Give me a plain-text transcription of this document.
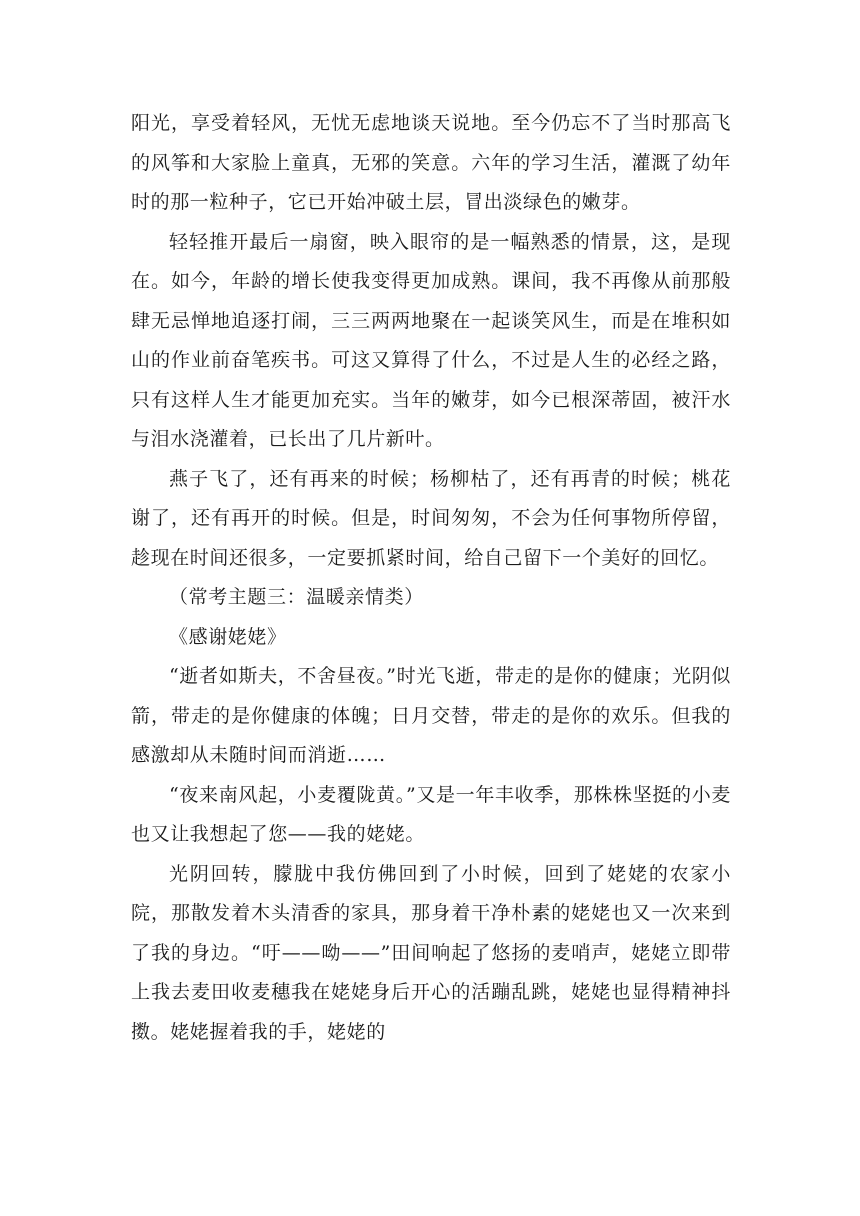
阳光，享受着轻风，无忧无虑地谈天说地。至今仍忘不了当时那高飞的风筝和大家脸上童真，无邪的笑意。六年的学习生活，灌溉了幼年时的那一粒种子，它已开始冲破土层，冒出淡绿色的嫩芽。

轻轻推开最后一扇窗，映入眼帘的是一幅熟悉的情景，这，是现在。如今，年龄的增长使我变得更加成熟。课间，我不再像从前那般肆无忌惮地追逐打闹，三三两两地聚在一起谈笑风生，而是在堆积如山的作业前奋笔疾书。可这又算得了什么，不过是人生的必经之路，只有这样人生才能更加充实。当年的嫩芽，如今已根深蒂固，被汗水与泪水浇灌着，已长出了几片新叶。

燕子飞了，还有再来的时候；杨柳枯了，还有再青的时候；桃花谢了，还有再开的时候。但是，时间匆匆，不会为任何事物所停留，趁现在时间还很多，一定要抓紧时间，给自己留下一个美好的回忆。

（常考主题三：温暖亲情类）

《感谢姥姥》

“逝者如斯夫，不舍昼夜。”时光飞逝，带走的是你的健康；光阴似箭，带走的是你健康的体魄；日月交替，带走的是你的欢乐。但我的感激却从未随时间而消逝……

“夜来南风起，小麦覆陇黄。”又是一年丰收季，那株株坚挺的小麦也又让我想起了您——我的姥姥。

光阴回转，朦胧中我仿佛回到了小时候，回到了姥姥的农家小院，那散发着木头清香的家具，那身着干净朴素的姥姥也又一次来到了我的身边。“吁——呦——”田间响起了悠扬的麦哨声，姥姥立即带上我去麦田收麦穗我在姥姥身后开心的活蹦乱跳，姥姥也显得精神抖擞。姥姥握着我的手，姥姥的
